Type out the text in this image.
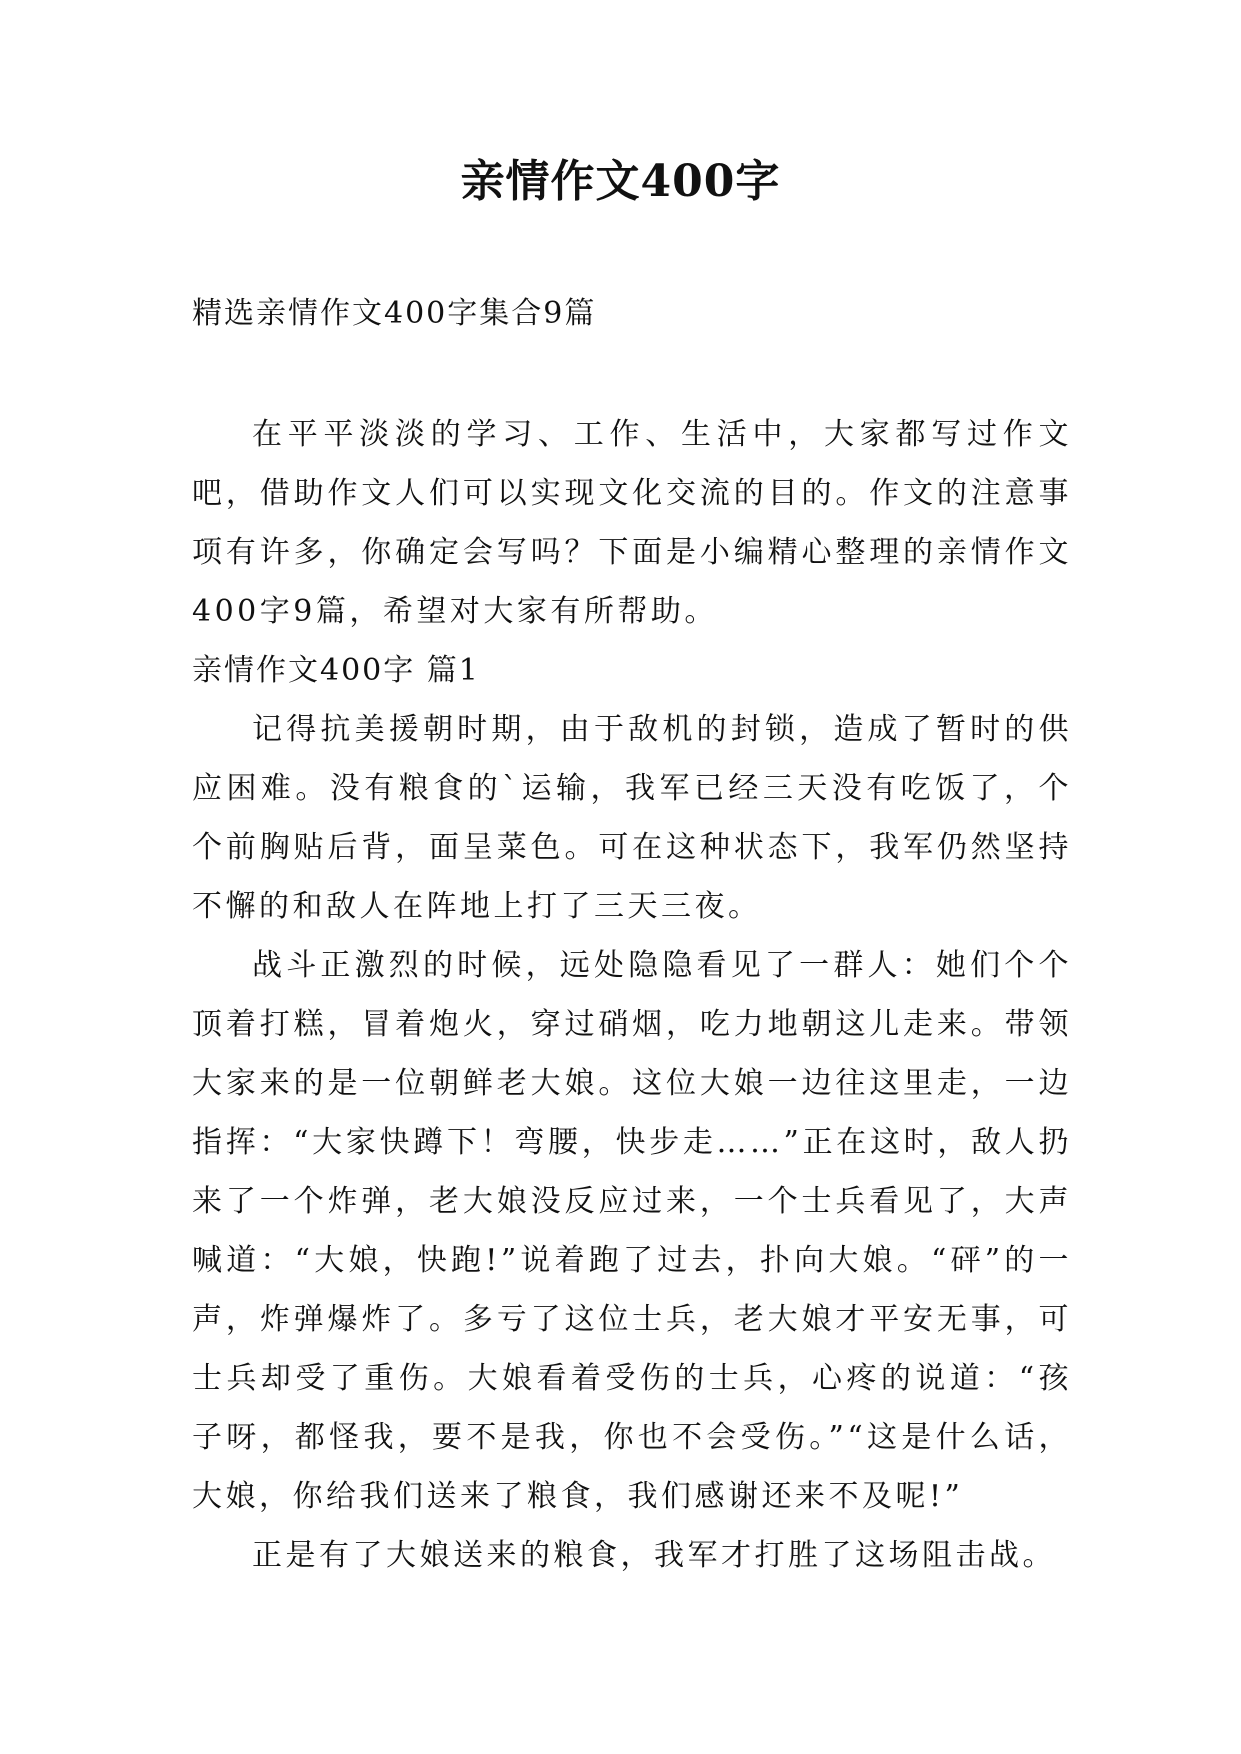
亲情作文400字
精选亲情作文400字集合9篇

在平平淡淡的学习、工作、生活中，大家都写过作文吧，借助作文人们可以实现文化交流的目的。作文的注意事项有许多，你确定会写吗？下面是小编精心整理的亲情作文400字9篇，希望对大家有所帮助。

亲情作文400字 篇1

记得抗美援朝时期，由于敌机的封锁，造成了暂时的供应困难。没有粮食的`运输，我军已经三天没有吃饭了，个个前胸贴后背，面呈菜色。可在这种状态下，我军仍然坚持不懈的和敌人在阵地上打了三天三夜。

战斗正激烈的时候，远处隐隐看见了一群人：她们个个顶着打糕，冒着炮火，穿过硝烟，吃力地朝这儿走来。带领大家来的是一位朝鲜老大娘。这位大娘一边往这里走，一边指挥：“大家快蹲下！弯腰，快步走……”正在这时，敌人扔来了一个炸弹，老大娘没反应过来，一个士兵看见了，大声喊道：“大娘，快跑!”说着跑了过去，扑向大娘。“砰”的一声，炸弹爆炸了。多亏了这位士兵，老大娘才平安无事，可士兵却受了重伤。大娘看着受伤的士兵，心疼的说道：“孩子呀，都怪我，要不是我，你也不会受伤。”“这是什么话，大娘，你给我们送来了粮食，我们感谢还来不及呢!”

正是有了大娘送来的粮食，我军才打胜了这场阻击战。
